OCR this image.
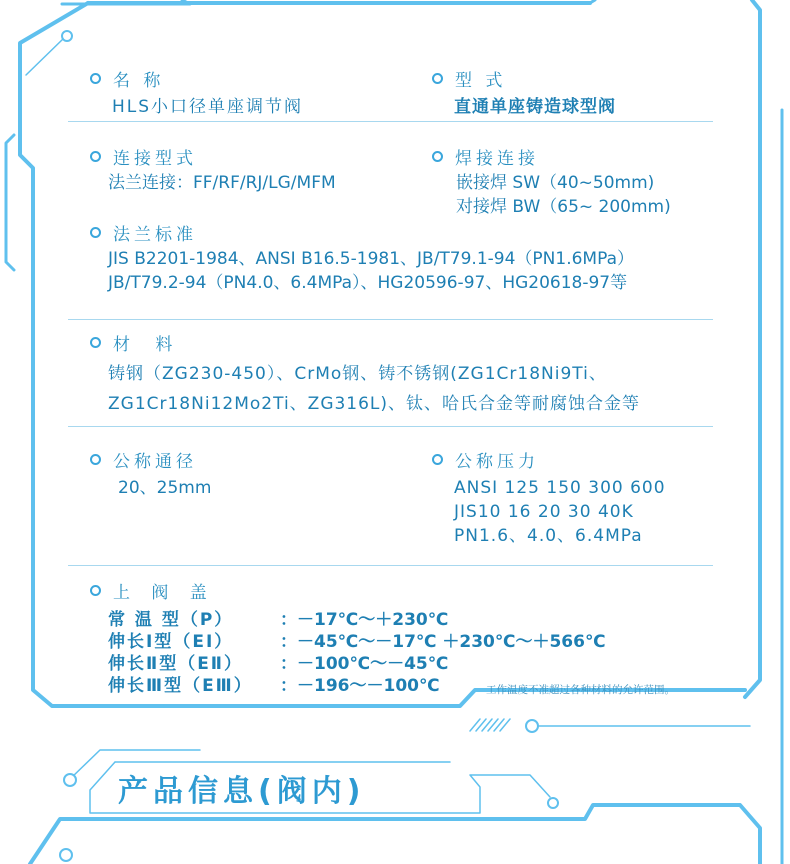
名 称
HLS小口径单座调节阀
型 式
直通单座铸造球型阀
连接型式
法兰连接：FF/RF/RJ/LG/MFM
焊接连接
嵌接焊 SW（40~50mm)
对接焊 BW（65~ 200mm)
法兰标准
JIS B2201-1984、ANSI B16.5-1981、JB/T79.1-94（PN1.6MPa）
JB/T79.2-94（PN4.0、6.4MPa）、HG20596-97、HG20618-97等
材 料
铸钢（ZG230-450）、CrMo钢、铸不锈钢(ZG1Cr18Ni9Ti、
ZG1Cr18Ni12Mo2Ti、ZG316L)、钛、哈氏合金等耐腐蚀合金等
公称通径
20、25mm
公称压力
ANSI 125 150 300 600
JIS10 16 20 30 40K
PN1.6、4.0、6.4MPa
上 阀 盖
常 温 型（P）	：－17℃～＋230℃
伸长Ⅰ型（EⅠ）	：－45℃～－17℃ ＋230℃～＋566℃
伸长Ⅱ型（EⅡ）	：－100℃～－45℃
伸长Ⅲ型（EⅢ）	：－196～－100℃	工作温度不准超过各种材料的允许范围。
产品信息(阀内)
